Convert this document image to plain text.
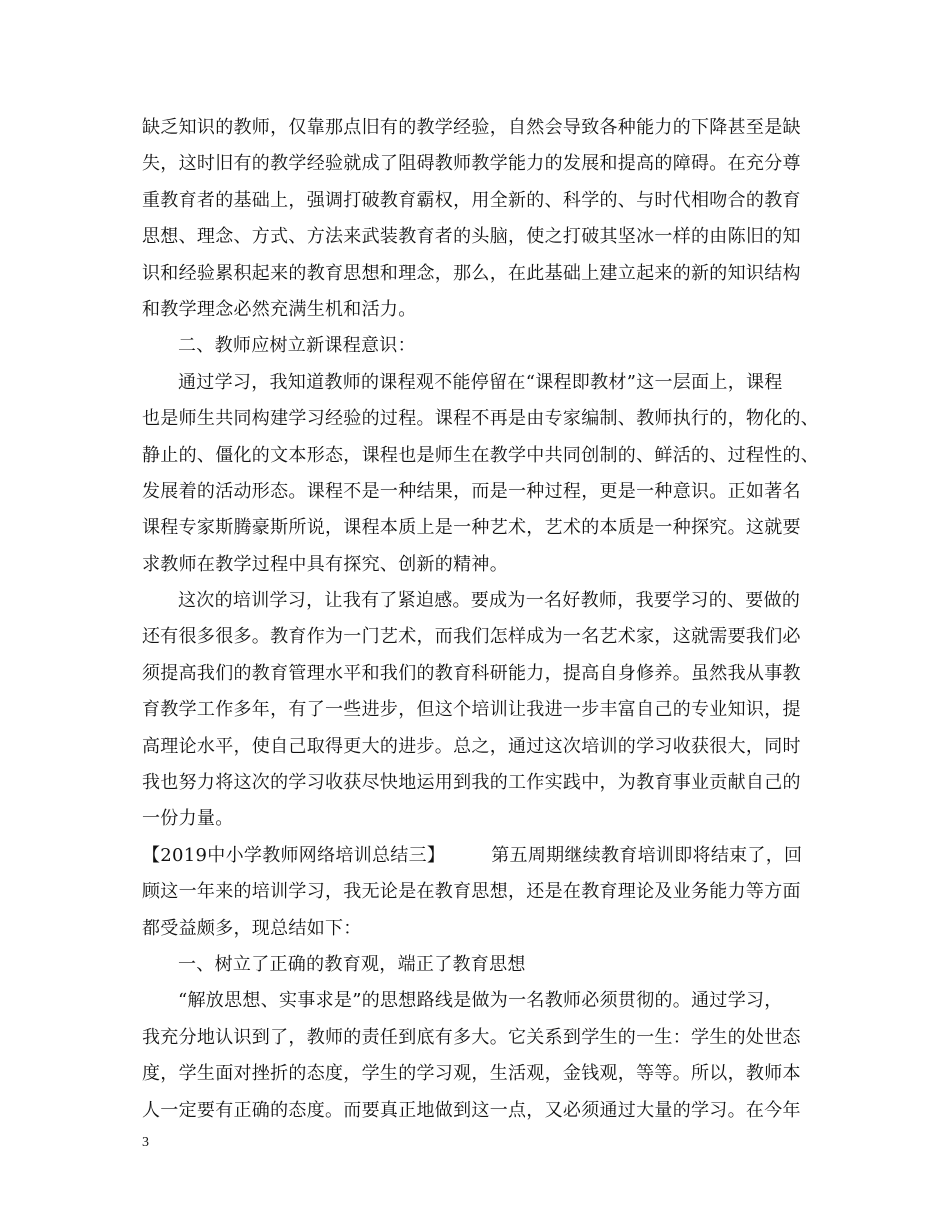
缺乏知识的教师，仅靠那点旧有的教学经验，自然会导致各种能力的下降甚至是缺
失，这时旧有的教学经验就成了阻碍教师教学能力的发展和提高的障碍。在充分尊
重教育者的基础上，强调打破教育霸权，用全新的、科学的、与时代相吻合的教育
思想、理念、方式、方法来武装教育者的头脑，使之打破其坚冰一样的由陈旧的知
识和经验累积起来的教育思想和理念，那么，在此基础上建立起来的新的知识结构
和教学理念必然充满生机和活力。
二、教师应树立新课程意识：
通过学习，我知道教师的课程观不能停留在“课程即教材”这一层面上，课程
也是师生共同构建学习经验的过程。课程不再是由专家编制、教师执行的，物化的、
静止的、僵化的文本形态，课程也是师生在教学中共同创制的、鲜活的、过程性的、
发展着的活动形态。课程不是一种结果，而是一种过程，更是一种意识。正如著名
课程专家斯腾豪斯所说，课程本质上是一种艺术，艺术的本质是一种探究。这就要
求教师在教学过程中具有探究、创新的精神。
这次的培训学习，让我有了紧迫感。要成为一名好教师，我要学习的、要做的
还有很多很多。教育作为一门艺术，而我们怎样成为一名艺术家，这就需要我们必
须提高我们的教育管理水平和我们的教育科研能力，提高自身修养。虽然我从事教
育教学工作多年，有了一些进步，但这个培训让我进一步丰富自己的专业知识，提
高理论水平，使自己取得更大的进步。总之，通过这次培训的学习收获很大，同时
我也努力将这次的学习收获尽快地运用到我的工作实践中，为教育事业贡献自己的
一份力量。
【2019中小学教师网络培训总结三】	第五周期继续教育培训即将结束了，回
顾这一年来的培训学习，我无论是在教育思想，还是在教育理论及业务能力等方面
都受益颇多，现总结如下：
一、树立了正确的教育观，端正了教育思想
“解放思想、实事求是”的思想路线是做为一名教师必须贯彻的。通过学习，
我充分地认识到了，教师的责任到底有多大。它关系到学生的一生：学生的处世态
度，学生面对挫折的态度，学生的学习观，生活观，金钱观，等等。所以，教师本
人一定要有正确的态度。而要真正地做到这一点，又必须通过大量的学习。在今年
3
